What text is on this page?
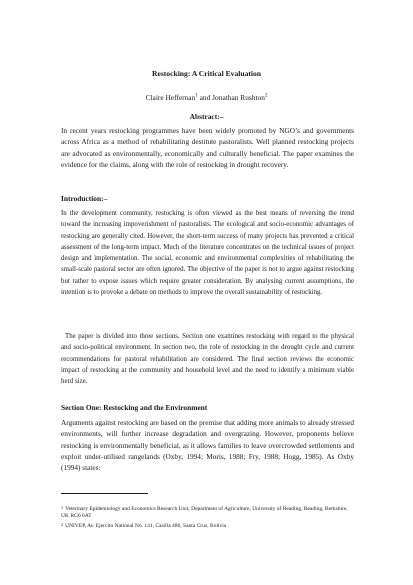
Restocking: A Critical Evaluation
Claire Heffernan$^1$ and Jonathan Rushton$^2$
Abstract:–
In recent years restocking programmes have been widely promoted by NGO’s and governments across Africa as a method of rehabilitating destitute pastoralists. Well planned restocking projects are advocated as environmentally, economically and culturally beneficial. The paper examines the evidence for the claims, along with the role of restocking in drought recovery.
Introduction:–
In the development community, restocking is often viewed as the best means of reversing the trend toward the increasing impoverishment of pastoralists. The ecological and socio-economic advantages of restocking are generally cited. However, the short-term success of many projects has prevented a critical assessment of the long-term impact. Much of the literature concentrates on the technical issues of project design and implementation. The social, economic and environmental complexities of rehabilitating the small-scale pastoral sector are often ignored. The objective of the paper is not to argue against restocking but rather to expose issues which require greater consideration. By analysing current assumptions, the intention is to provoke a debate on methods to improve the overall sustainability of restocking.
The paper is divided into three sections. Section one examines restocking with regard to the physical and socio-political environment. In section two, the role of restocking in the drought cycle and current recommendations for pastoral rehabilitation are considered. The final section reviews the economic impact of restocking at the community and household level and the need to identify a minimum viable herd size.
Section One: Restocking and the Environment
Arguments against restocking are based on the premise that adding more animals to already stressed environments, will further increase degradation and overgrazing. However, proponents believe restocking is environmentally beneficial, as it allows families to leave overcrowded settlements and exploit under-utilised rangelands (Oxby, 1994; Moris, 1988; Fry, 1988; Hogg, 1985). As Oxby (1994) states:
$^1$ Veterinary Epidemiology and Economics Research Unit, Department of Agriculture, University of Reading, Reading, Berkshire, UK RG6 6AT
$^2$ UNIVEP, Av. Ejercito National No. 141, Casilla 486, Santa Cruz, Bolivia
